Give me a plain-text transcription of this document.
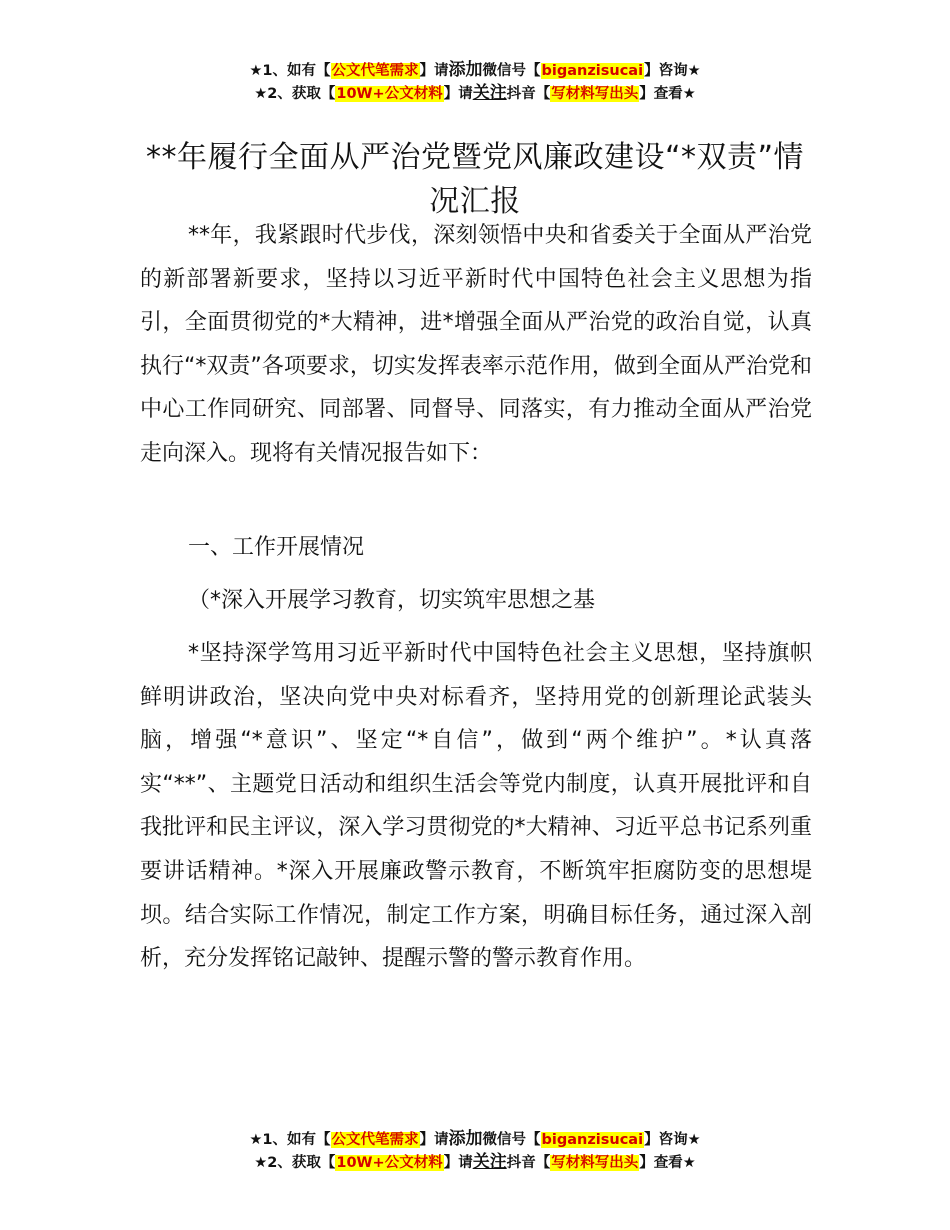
★1、如有【公文代笔需求】请添加微信号【biganzisucai】咨询★
★2、获取【10W+公文材料】请关注抖音【写材料写出头】查看★
**年履行全面从严治党暨党风廉政建设“*双责”情况汇报

**年，我紧跟时代步伐，深刻领悟中央和省委关于全面从严治党的新部署新要求，坚持以习近平新时代中国特色社会主义思想为指引，全面贯彻党的*大精神，进*增强全面从严治党的政治自觉，认真执行“*双责”各项要求，切实发挥表率示范作用，做到全面从严治党和中心工作同研究、同部署、同督导、同落实，有力推动全面从严治党走向深入。现将有关情况报告如下：

一、工作开展情况

（*深入开展学习教育，切实筑牢思想之基

*坚持深学笃用习近平新时代中国特色社会主义思想，坚持旗帜鲜明讲政治，坚决向党中央对标看齐，坚持用党的创新理论武装头脑，增强“*意识”、坚定“*自信”，做到“两个维护”。*认真落实“**”、主题党日活动和组织生活会等党内制度，认真开展批评和自我批评和民主评议，深入学习贯彻党的*大精神、习近平总书记系列重要讲话精神。*深入开展廉政警示教育，不断筑牢拒腐防变的思想堤坝。结合实际工作情况，制定工作方案，明确目标任务，通过深入剖析，充分发挥铭记敲钟、提醒示警的警示教育作用。

★1、如有【公文代笔需求】请添加微信号【biganzisucai】咨询★
★2、获取【10W+公文材料】请关注抖音【写材料写出头】查看★
